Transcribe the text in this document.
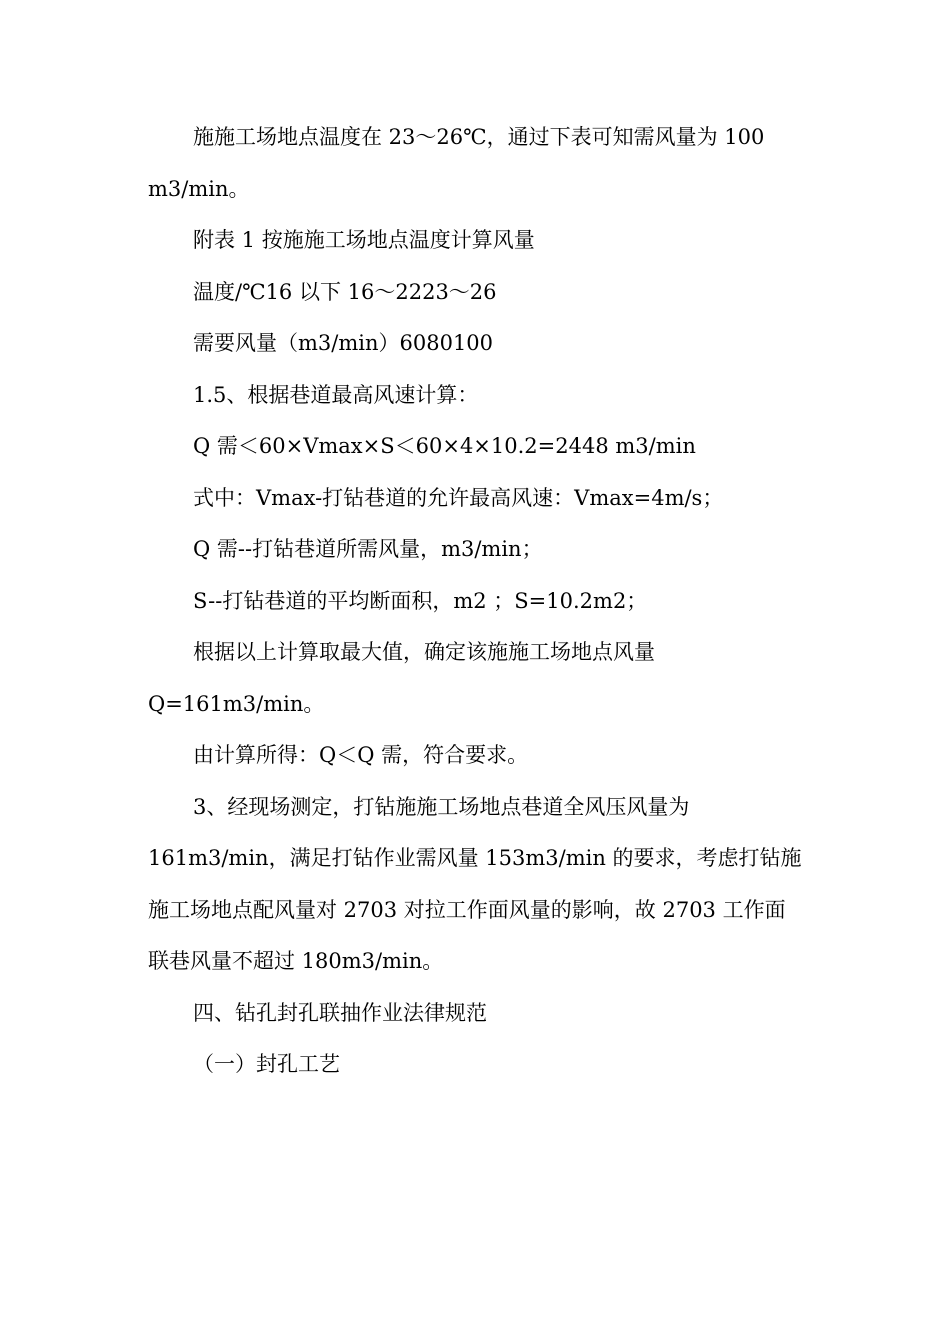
施施工场地点温度在 23～26℃，通过下表可知需风量为 100
m3/min。
附表 1 按施施工场地点温度计算风量
温度/℃16 以下 16～2223～26
需要风量（m3/min）6080100
1.5、根据巷道最高风速计算：
Q 需＜60×Vmax×S＜60×4×10.2=2448 m3/min
式中：Vmax-打钻巷道的允许最高风速：Vmax=4m/s；
Q 需--打钻巷道所需风量，m3/min；
S--打钻巷道的平均断面积，m2 ；S=10.2m2；
根据以上计算取最大值，确定该施施工场地点风量
Q=161m3/min。
由计算所得：Q＜Q 需，符合要求。
3、经现场测定，打钻施施工场地点巷道全风压风量为
161m3/min，满足打钻作业需风量 153m3/min 的要求，考虑打钻施
施工场地点配风量对 2703 对拉工作面风量的影响，故 2703 工作面
联巷风量不超过 180m3/min。
四、钻孔封孔联抽作业法律规范
（一）封孔工艺
